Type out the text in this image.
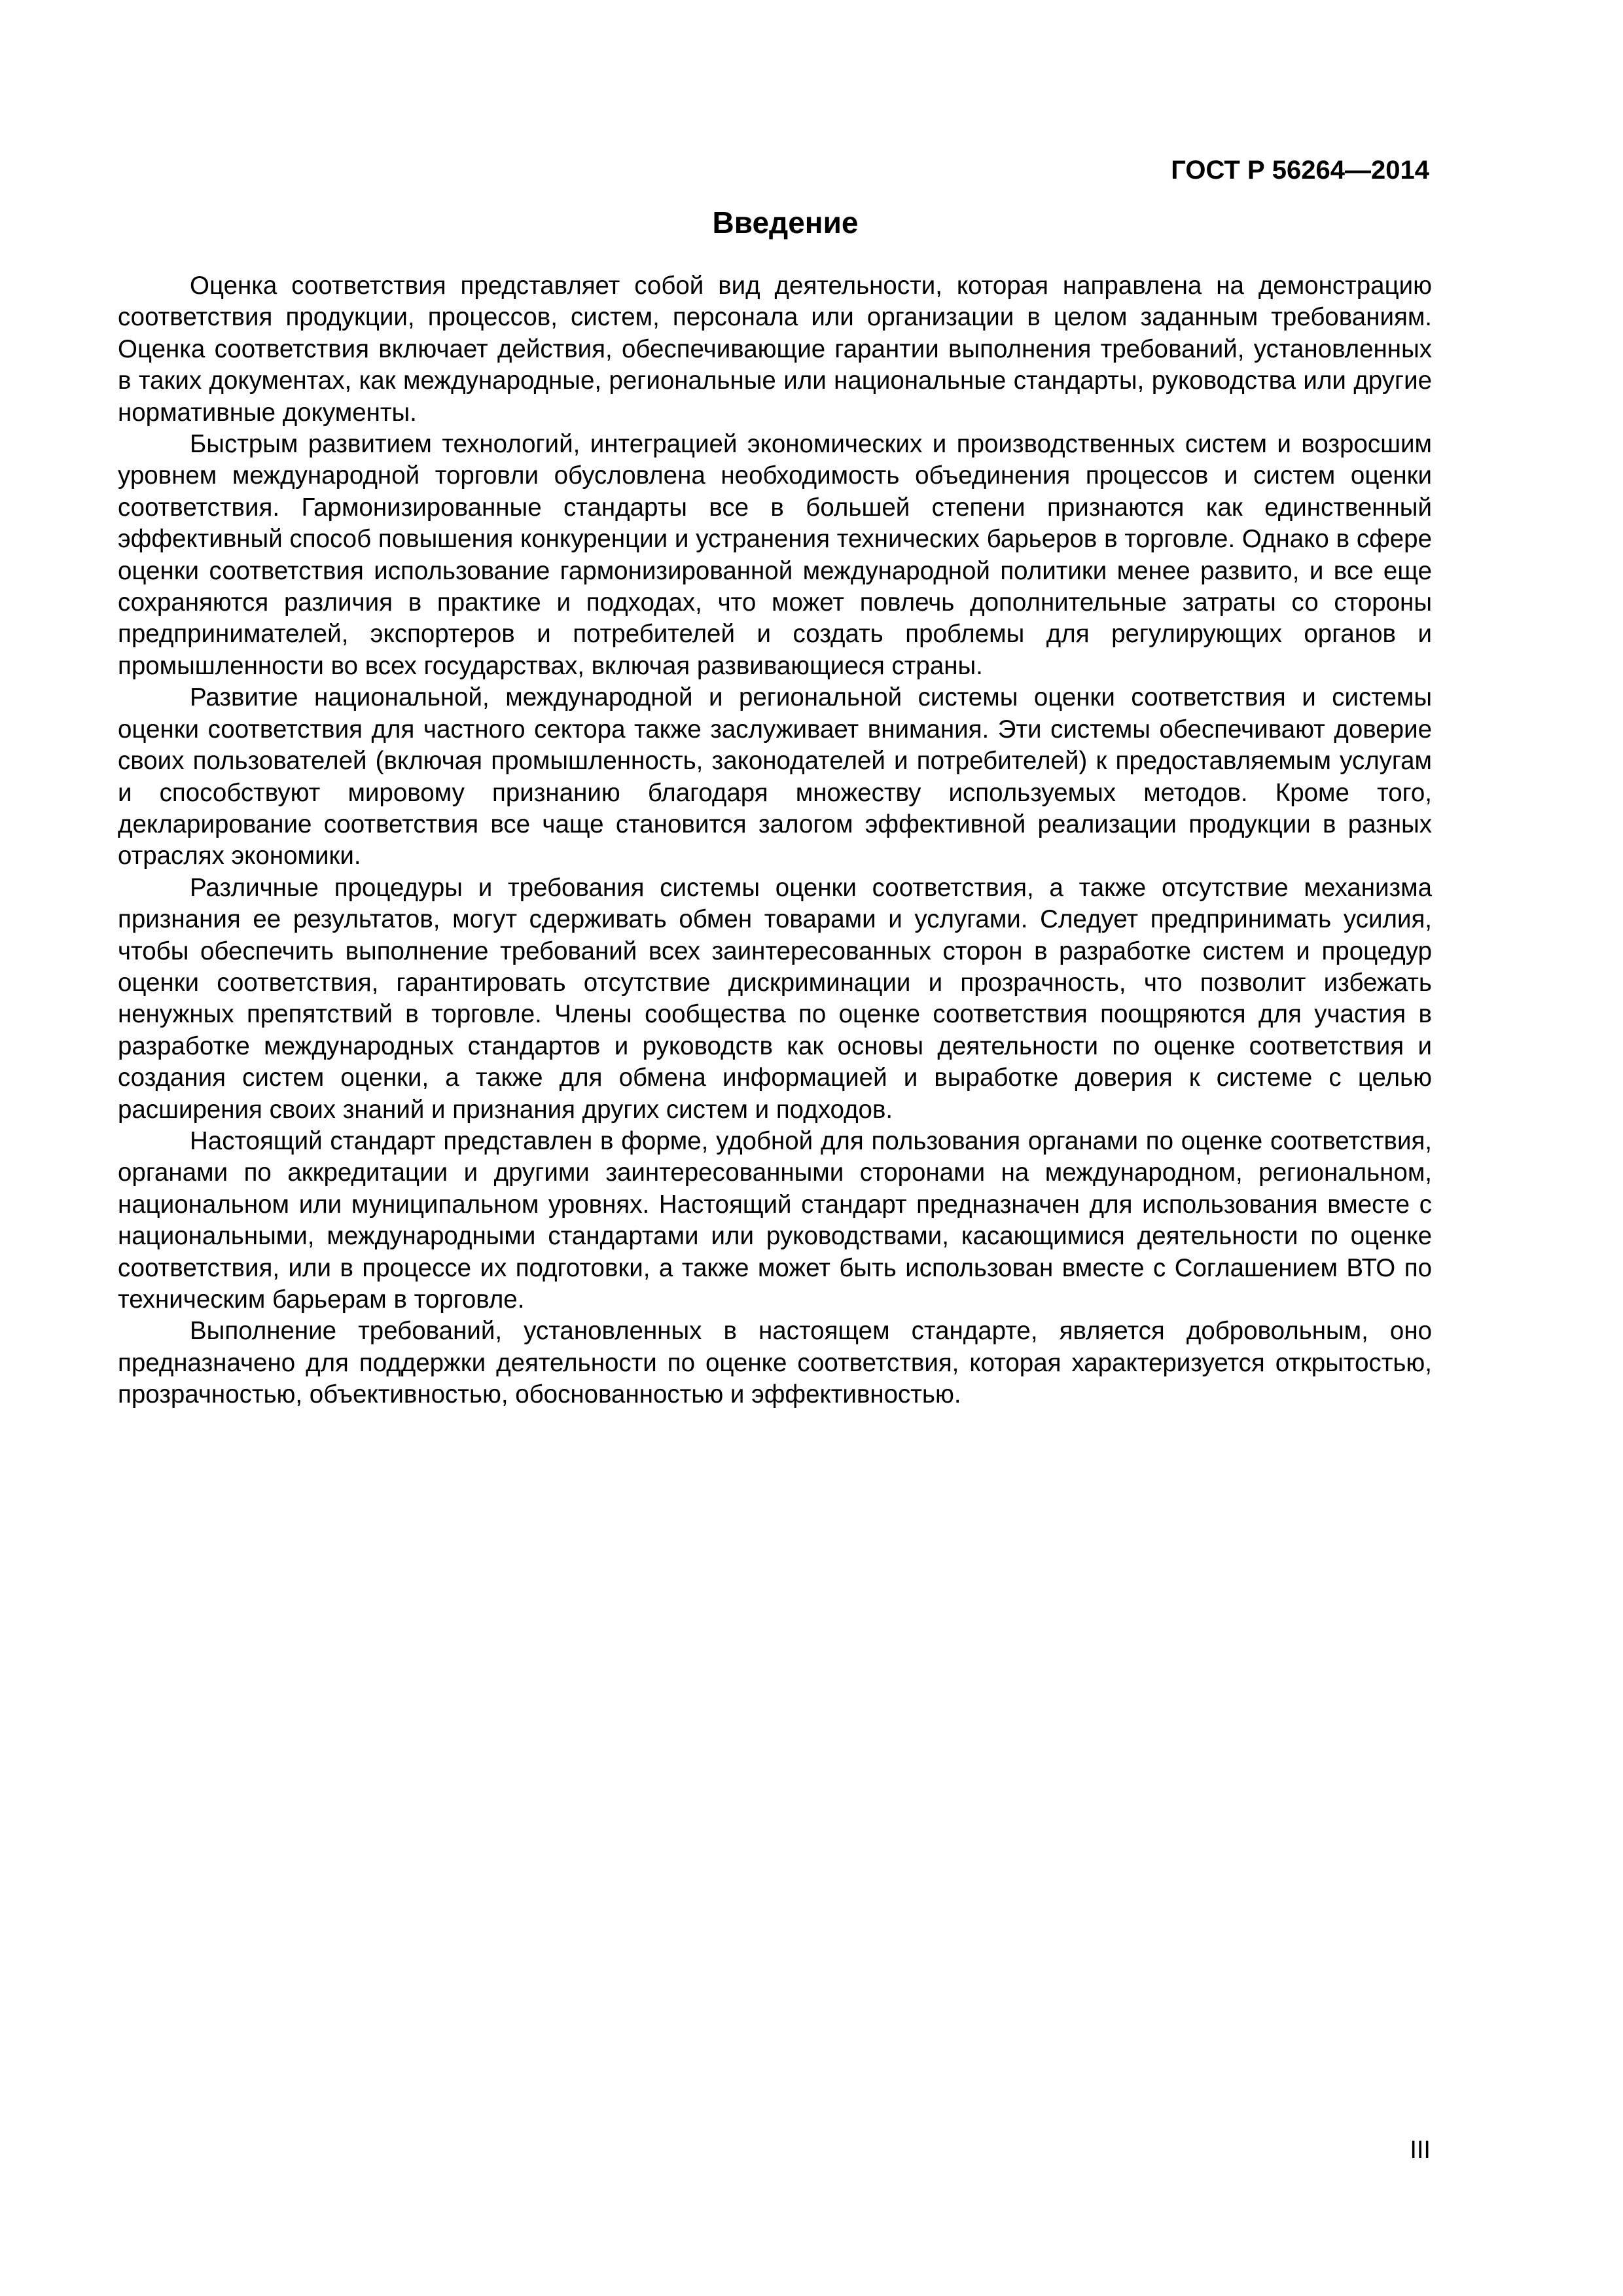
ГОСТ Р 56264—2014
Введение

Оценка соответствия представляет собой вид деятельности, которая направлена на демонстрацию соответствия продукции, процессов, систем, персонала или организации в целом заданным требованиям. Оценка соответствия включает действия, обеспечивающие гарантии выполнения требований, установленных в таких документах, как международные, региональные или национальные стандарты, руководства или другие нормативные документы.

Быстрым развитием технологий, интеграцией экономических и производственных систем и возросшим уровнем международной торговли обусловлена необходимость объединения процессов и систем оценки соответствия. Гармонизированные стандарты все в большей степени признаются как единственный эффективный способ повышения конкуренции и устранения технических барьеров в торговле. Однако в сфере оценки соответствия использование гармонизированной международной политики менее развито, и все еще сохраняются различия в практике и подходах, что может повлечь дополнительные затраты со стороны предпринимателей, экспортеров и потребителей и создать проблемы для регулирующих органов и промышленности во всех государствах, включая развивающиеся страны.

Развитие национальной, международной и региональной системы оценки соответствия и системы оценки соответствия для частного сектора также заслуживает внимания. Эти системы обеспечивают доверие своих пользователей (включая промышленность, законодателей и потребителей) к предоставляемым услугам и способствуют мировому признанию благодаря множеству используемых методов. Кроме того, декларирование соответствия все чаще становится залогом эффективной реализации продукции в разных отраслях экономики.

Различные процедуры и требования системы оценки соответствия, а также отсутствие механизма признания ее результатов, могут сдерживать обмен товарами и услугами. Следует предпринимать усилия, чтобы обеспечить выполнение требований всех заинтересованных сторон в разработке систем и процедур оценки соответствия, гарантировать отсутствие дискриминации и прозрачность, что позволит избежать ненужных препятствий в торговле. Члены сообщества по оценке соответствия поощряются для участия в разработке международных стандартов и руководств как основы деятельности по оценке соответствия и создания систем оценки, а также для обмена информацией и выработке доверия к системе с целью расширения своих знаний и признания других систем и подходов.

Настоящий стандарт представлен в форме, удобной для пользования органами по оценке соответствия, органами по аккредитации и другими заинтересованными сторонами на международном, региональном, национальном или муниципальном уровнях. Настоящий стандарт предназначен для использования вместе с национальными, международными стандартами или руководствами, касающимися деятельности по оценке соответствия, или в процессе их подготовки, а также может быть использован вместе с Соглашением ВТО по техническим барьерам в торговле.

Выполнение требований, установленных в настоящем стандарте, является добровольным, оно предназначено для поддержки деятельности по оценке соответствия, которая характеризуется открытостью, прозрачностью, объективностью, обоснованностью и эффективностью.

III
